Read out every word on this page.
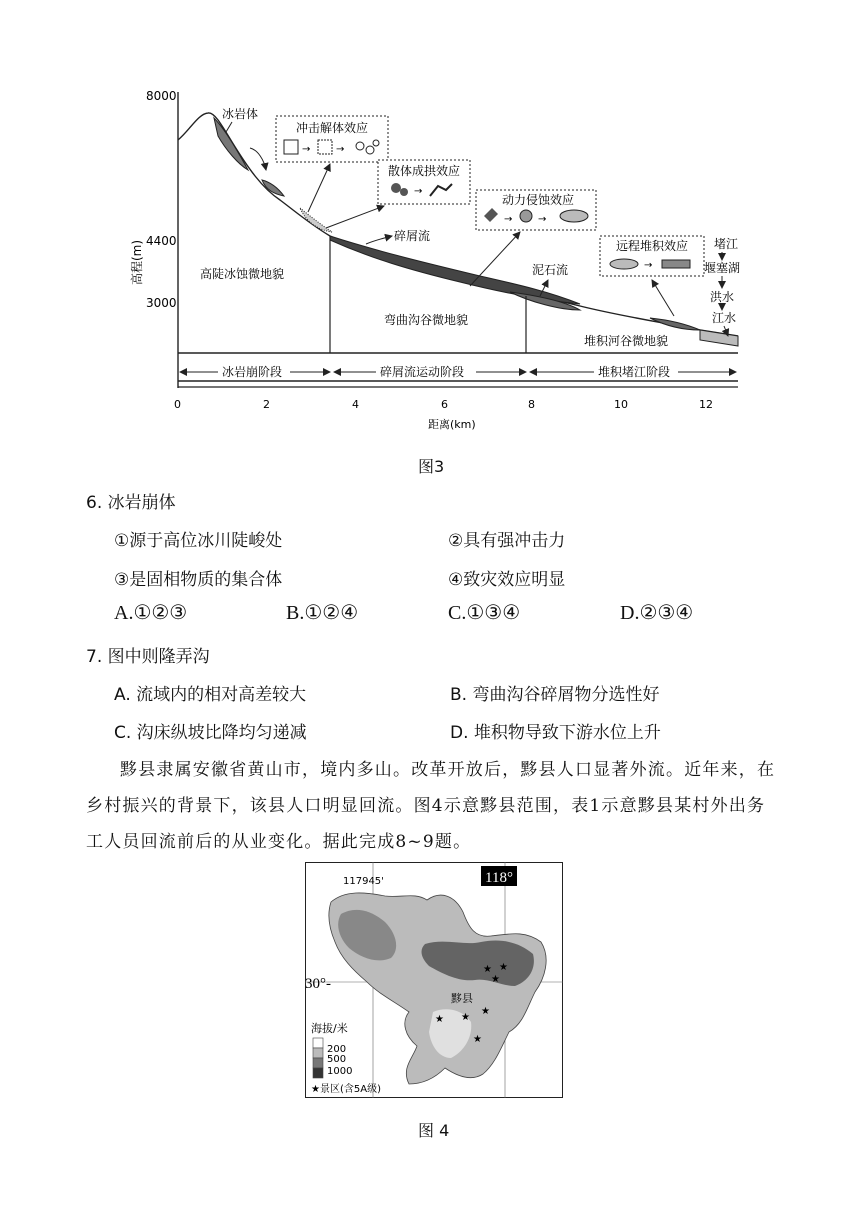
8000
4400
3000
高程(m)	高陡冰蚀微地貌
弯曲沟谷微地貌
堆积河谷微地貌
冰岩崩阶段	碎屑流运动阶段	堆积堵江阶段
0	2	4	6	8	10	12
距离(km)
冰岩体
冲击解体效应
→	→
散体成拱效应
→
动力侵蚀效应
→	→
远程堆积效应
→
碎屑流
泥石流
堵江
堰塞湖
洪水
江水
图3
6. 冰岩崩体
①源于高位冰川陡峻处	②具有强冲击力
③是固相物质的集合体	④致灾效应明显
A.①②③	B.①②④	C.①③④	D.②③④
7. 图中则隆弄沟
A. 流域内的相对高差较大	B. 弯曲沟谷碎屑物分选性好
C. 沟床纵坡比降均匀递减	D. 堆积物导致下游水位上升
黟县隶属安徽省黄山市，境内多山。改革开放后，黟县人口显著外流。近年来，在乡村振兴的背景下，该县人口明显回流。图4示意黟县范围，表1示意黟县某村外出务工人员回流前后的从业变化。据此完成8~9题。
★ ★
★
★
★ ★
★
117945'	118°
30°-
黟县
海拔/米
200
500
1000
★景区(含5A级)
图 4
